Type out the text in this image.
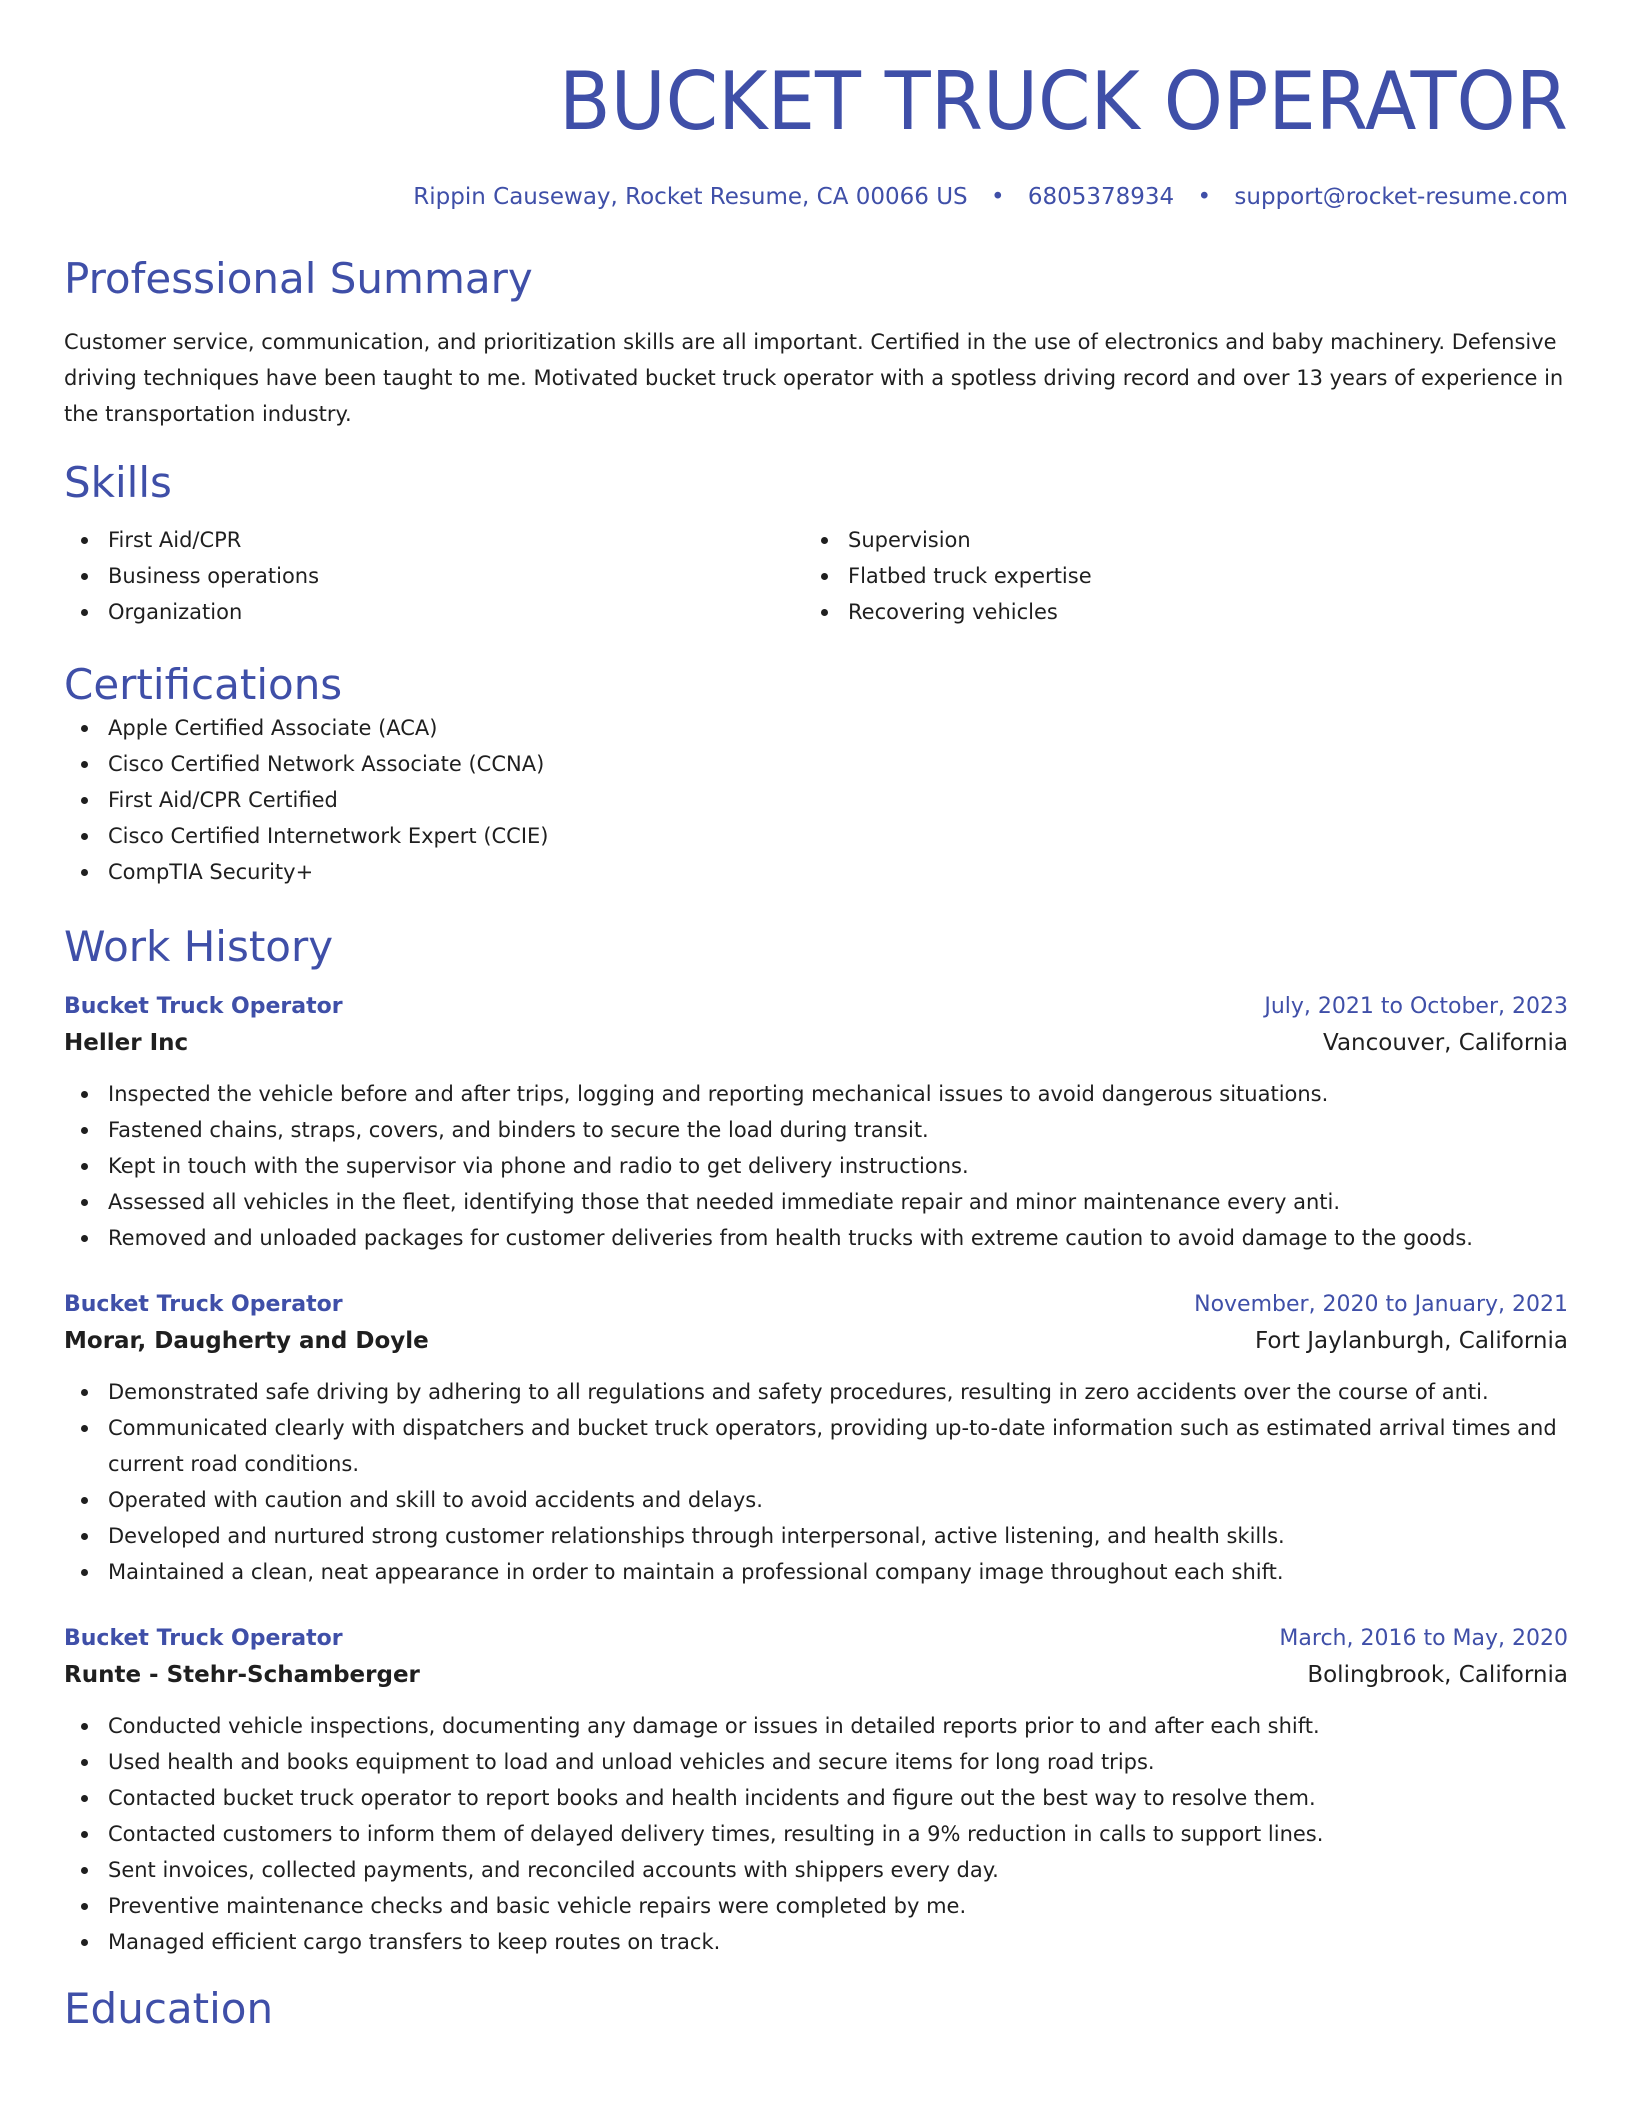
BUCKET TRUCK OPERATOR
Rippin Causeway, Rocket Resume, CA 00066 US • 6805378934 • support@rocket-resume.com
Professional Summary

Customer service, communication, and prioritization skills are all important. Certified in the use of electronics and baby machinery. Defensive driving techniques have been taught to me. Motivated bucket truck operator with a spotless driving record and over 13 years of experience in the transportation industry.

Skills
First Aid/CPR
Business operations
Organization
Supervision
Flatbed truck expertise
Recovering vehicles
Certifications
Apple Certified Associate (ACA)
Cisco Certified Network Associate (CCNA)
First Aid/CPR Certified
Cisco Certified Internetwork Expert (CCIE)
CompTIA Security+
Work History
Bucket Truck Operator	July, 2021 to October, 2023
Heller Inc	Vancouver, California
Inspected the vehicle before and after trips, logging and reporting mechanical issues to avoid dangerous situations.
Fastened chains, straps, covers, and binders to secure the load during transit.
Kept in touch with the supervisor via phone and radio to get delivery instructions.
Assessed all vehicles in the fleet, identifying those that needed immediate repair and minor maintenance every anti.
Removed and unloaded packages for customer deliveries from health trucks with extreme caution to avoid damage to the goods.
Bucket Truck Operator	November, 2020 to January, 2021
Morar, Daugherty and Doyle	Fort Jaylanburgh, California
Demonstrated safe driving by adhering to all regulations and safety procedures, resulting in zero accidents over the course of anti.
Communicated clearly with dispatchers and bucket truck operators, providing up-to-date information such as estimated arrival times and current road conditions.
Operated with caution and skill to avoid accidents and delays.
Developed and nurtured strong customer relationships through interpersonal, active listening, and health skills.
Maintained a clean, neat appearance in order to maintain a professional company image throughout each shift.
Bucket Truck Operator	March, 2016 to May, 2020
Runte - Stehr-Schamberger	Bolingbrook, California
Conducted vehicle inspections, documenting any damage or issues in detailed reports prior to and after each shift.
Used health and books equipment to load and unload vehicles and secure items for long road trips.
Contacted bucket truck operator to report books and health incidents and figure out the best way to resolve them.
Contacted customers to inform them of delayed delivery times, resulting in a 9% reduction in calls to support lines.
Sent invoices, collected payments, and reconciled accounts with shippers every day.
Preventive maintenance checks and basic vehicle repairs were completed by me.
Managed efficient cargo transfers to keep routes on track.
Education
